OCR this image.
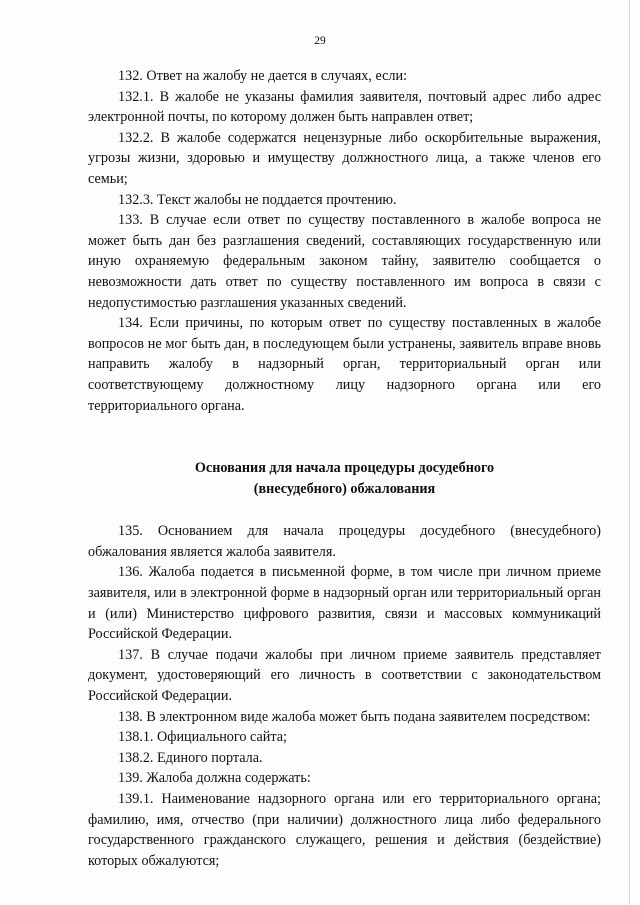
29

132. Ответ на жалобу не дается в случаях, если:

132.1. В жалобе не указаны фамилия заявителя, почтовый адрес либо адрес электронной почты, по которому должен быть направлен ответ;

132.2. В жалобе содержатся нецензурные либо оскорбительные выражения, угрозы жизни, здоровью и имуществу должностного лица, а также членов его семьи;

132.3. Текст жалобы не поддается прочтению.

133. В случае если ответ по существу поставленного в жалобе вопроса не может быть дан без разглашения сведений, составляющих государственную или иную охраняемую федеральным законом тайну, заявителю сообщается о невозможности дать ответ по существу поставленного им вопроса в связи с недопустимостью разглашения указанных сведений.

134. Если причины, по которым ответ по существу поставленных в жалобе вопросов не мог быть дан, в последующем были устранены, заявитель вправе вновь направить жалобу в надзорный орган, территориальный орган или соответствующему должностному лицу надзорного органа или его территориального органа.

Основания для начала процедуры досудебного
(внесудебного) обжалования

135. Основанием для начала процедуры досудебного (внесудебного) обжалования является жалоба заявителя.

136. Жалоба подается в письменной форме, в том числе при личном приеме заявителя, или в электронной форме в надзорный орган или территориальный орган и (или) Министерство цифрового развития, связи и массовых коммуникаций Российской Федерации.

137. В случае подачи жалобы при личном приеме заявитель представляет документ, удостоверяющий его личность в соответствии с законодательством Российской Федерации.

138. В электронном виде жалоба может быть подана заявителем посредством:

138.1. Официального сайта;

138.2. Единого портала.

139. Жалоба должна содержать:

139.1. Наименование надзорного органа или его территориального органа; фамилию, имя, отчество (при наличии) должностного лица либо федерального государственного гражданского служащего, решения и действия (бездействие) которых обжалуются;
